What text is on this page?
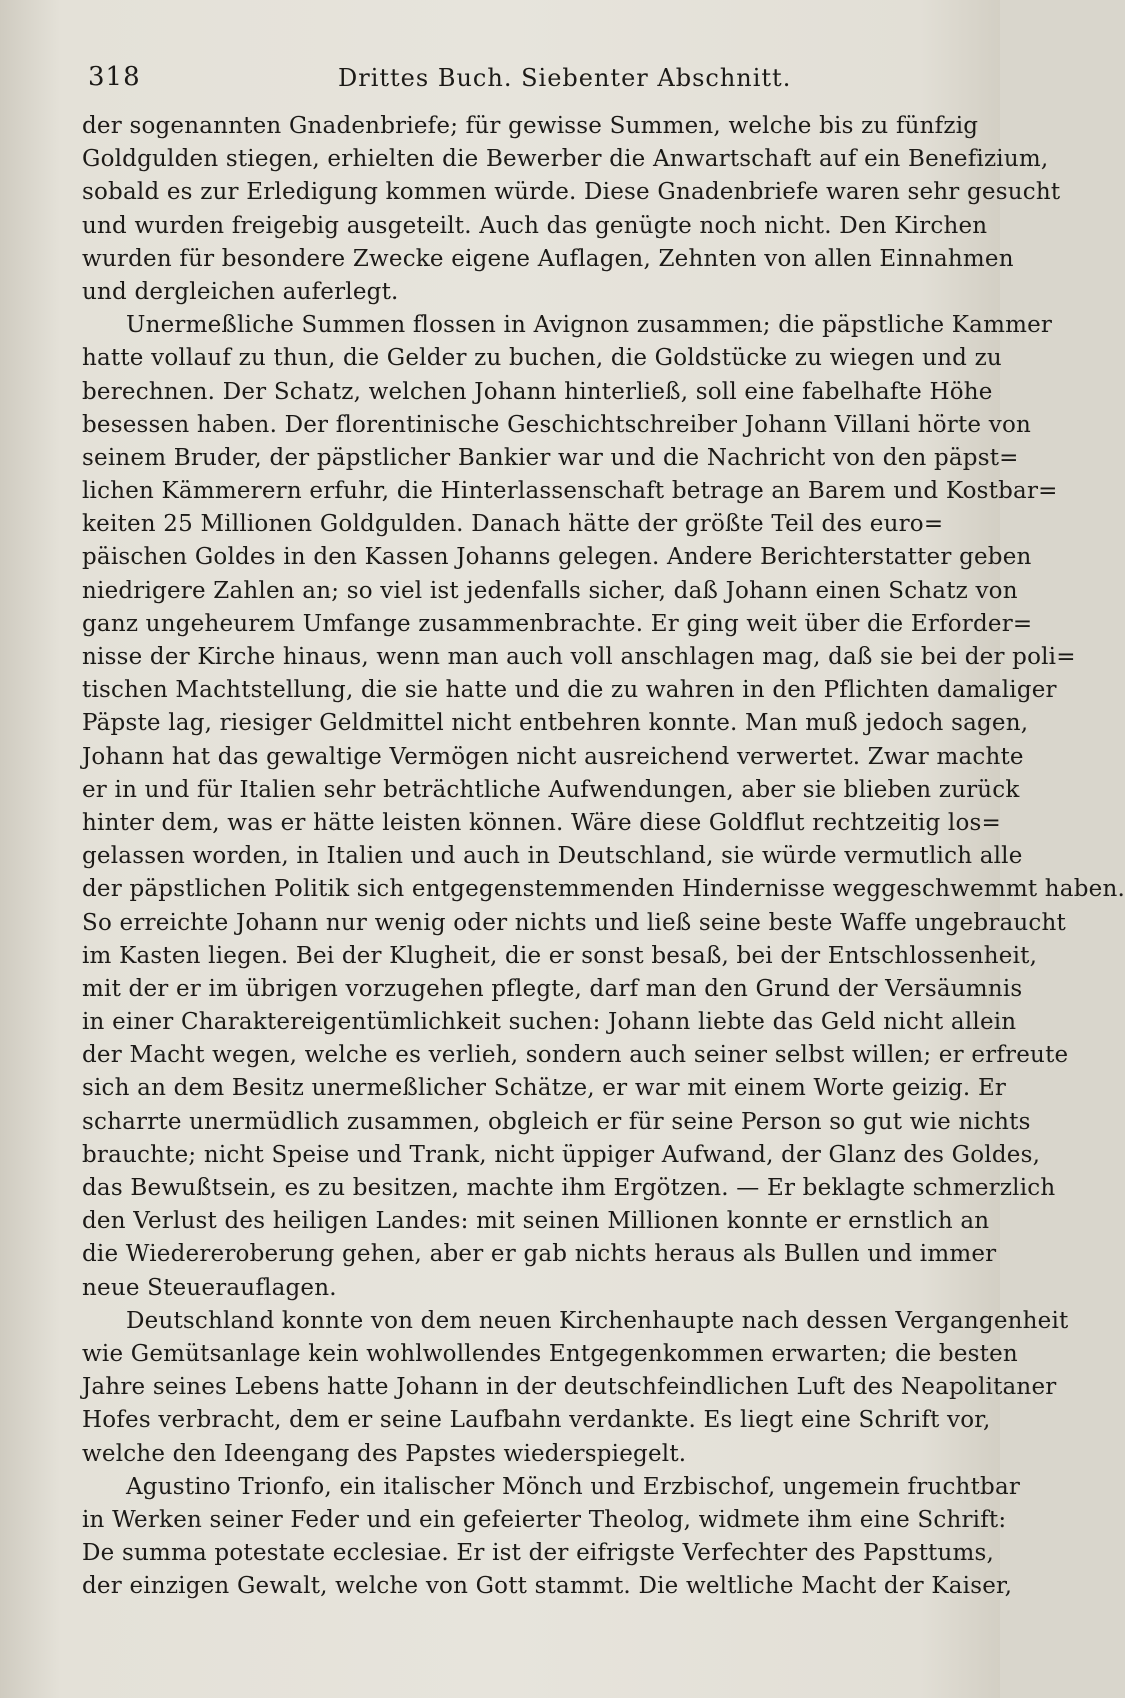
318	Drittes Buch. Siebenter Abschnitt.
der sogenannten Gnadenbriefe; für gewisse Summen, welche bis zu fünfzig
Goldgulden stiegen, erhielten die Bewerber die Anwartschaft auf ein Benefizium,
sobald es zur Erledigung kommen würde. Diese Gnadenbriefe waren sehr gesucht
und wurden freigebig ausgeteilt. Auch das genügte noch nicht. Den Kirchen
wurden für besondere Zwecke eigene Auflagen, Zehnten von allen Einnahmen
und dergleichen auferlegt.
Unermeßliche Summen flossen in Avignon zusammen; die päpstliche Kammer
hatte vollauf zu thun, die Gelder zu buchen, die Goldstücke zu wiegen und zu
berechnen. Der Schatz, welchen Johann hinterließ, soll eine fabelhafte Höhe
besessen haben. Der florentinische Geschichtschreiber Johann Villani hörte von
seinem Bruder, der päpstlicher Bankier war und die Nachricht von den päpst=
lichen Kämmerern erfuhr, die Hinterlassenschaft betrage an Barem und Kostbar=
keiten 25 Millionen Goldgulden. Danach hätte der größte Teil des euro=
päischen Goldes in den Kassen Johanns gelegen. Andere Berichterstatter geben
niedrigere Zahlen an; so viel ist jedenfalls sicher, daß Johann einen Schatz von
ganz ungeheurem Umfange zusammenbrachte. Er ging weit über die Erforder=
nisse der Kirche hinaus, wenn man auch voll anschlagen mag, daß sie bei der poli=
tischen Machtstellung, die sie hatte und die zu wahren in den Pflichten damaliger
Päpste lag, riesiger Geldmittel nicht entbehren konnte. Man muß jedoch sagen,
Johann hat das gewaltige Vermögen nicht ausreichend verwertet. Zwar machte
er in und für Italien sehr beträchtliche Aufwendungen, aber sie blieben zurück
hinter dem, was er hätte leisten können. Wäre diese Goldflut rechtzeitig los=
gelassen worden, in Italien und auch in Deutschland, sie würde vermutlich alle
der päpstlichen Politik sich entgegenstemmenden Hindernisse weggeschwemmt haben.
So erreichte Johann nur wenig oder nichts und ließ seine beste Waffe ungebraucht
im Kasten liegen. Bei der Klugheit, die er sonst besaß, bei der Entschlossenheit,
mit der er im übrigen vorzugehen pflegte, darf man den Grund der Versäumnis
in einer Charaktereigentümlichkeit suchen: Johann liebte das Geld nicht allein
der Macht wegen, welche es verlieh, sondern auch seiner selbst willen; er erfreute
sich an dem Besitz unermeßlicher Schätze, er war mit einem Worte geizig. Er
scharrte unermüdlich zusammen, obgleich er für seine Person so gut wie nichts
brauchte; nicht Speise und Trank, nicht üppiger Aufwand, der Glanz des Goldes,
das Bewußtsein, es zu besitzen, machte ihm Ergötzen. — Er beklagte schmerzlich
den Verlust des heiligen Landes: mit seinen Millionen konnte er ernstlich an
die Wiedereroberung gehen, aber er gab nichts heraus als Bullen und immer
neue Steuerauflagen.
Deutschland konnte von dem neuen Kirchenhaupte nach dessen Vergangenheit
wie Gemütsanlage kein wohlwollendes Entgegenkommen erwarten; die besten
Jahre seines Lebens hatte Johann in der deutschfeindlichen Luft des Neapolitaner
Hofes verbracht, dem er seine Laufbahn verdankte. Es liegt eine Schrift vor,
welche den Ideengang des Papstes wiederspiegelt.
Agustino Trionfo, ein italischer Mönch und Erzbischof, ungemein fruchtbar
in Werken seiner Feder und ein gefeierter Theolog, widmete ihm eine Schrift:
De summa potestate ecclesiae. Er ist der eifrigste Verfechter des Papsttums,
der einzigen Gewalt, welche von Gott stammt. Die weltliche Macht der Kaiser,
